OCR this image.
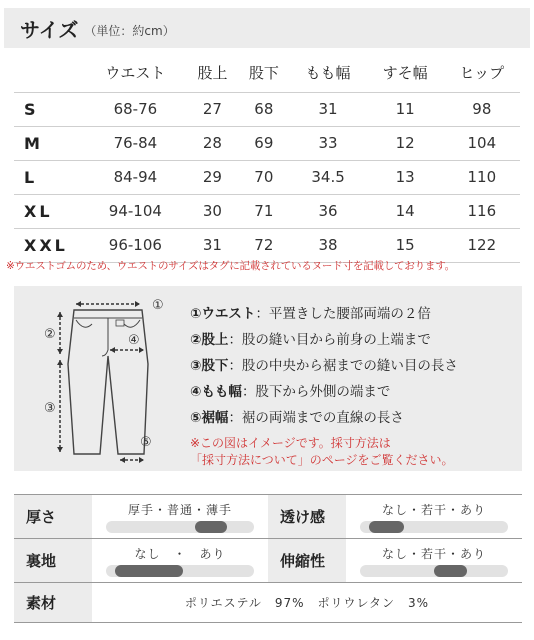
サイズ （単位：約cm）
	ウエスト	股上	股下	もも幅	すそ幅	ヒップ
S	68-76	27	68	31	11	98
M	76-84	28	69	33	12	104
L	84-94	29	70	34.5	13	110
XL	94-104	30	71	36	14	116
XXL	96-106	31	72	38	15	122
※ウエストゴムのため、ウエストのサイズはタグに記載されているヌード寸を記載しております。
①
②	④
③
⑤
①ウエスト：平置きした腰部両端の２倍
②股上：股の縫い目から前身の上端まで
③股下：股の中央から裾までの縫い目の長さ
④もも幅：股下から外側の端まで
⑤裾幅：裾の両端までの直線の長さ
※この図はイメージです。採寸方法は
「採寸方法について」のページをご覧ください。
厚さ	厚手・普通・薄手	透け感	なし・若干・あり
裏地	なし　・　あり	伸縮性	なし・若干・あり
素材	ポリエステル　97%　ポリウレタン　3%
